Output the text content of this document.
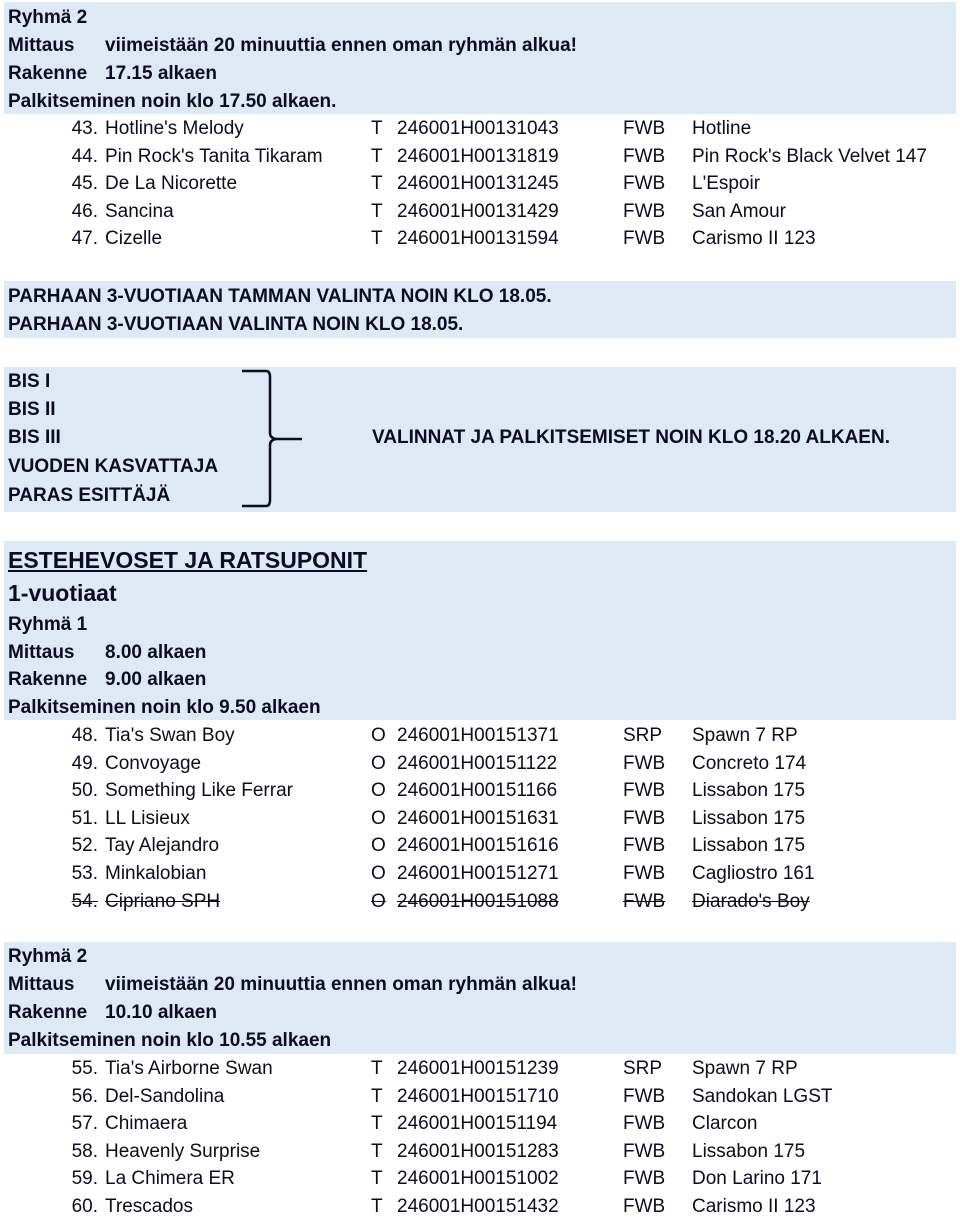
Ryhmä 2
Mittaus viimeistään 20 minuuttia ennen oman ryhmän alkua!
Rakenne 17.15 alkaen
Palkitseminen noin klo 17.50 alkaen.
43. Hotline's Melody	T 246001H00131043	FWB Hotline
44. Pin Rock's Tanita Tikaram	T 246001H00131819	FWB Pin Rock's Black Velvet 147
45. De La Nicorette	T 246001H00131245	FWB L'Espoir
46. Sancina	T 246001H00131429	FWB San Amour
47. Cizelle	T 246001H00131594	FWB Carismo II 123
PARHAAN 3-VUOTIAAN TAMMAN VALINTA NOIN KLO 18.05.
PARHAAN 3-VUOTIAAN VALINTA NOIN KLO 18.05.
BIS I
BIS II
BIS III
VUODEN KASVATTAJA
PARAS ESITTÄJÄ
VALINNAT JA PALKITSEMISET NOIN KLO 18.20 ALKAEN.
ESTEHEVOSET JA RATSUPONIT
1-vuotiaat
Ryhmä 1
Mittaus 8.00 alkaen
Rakenne 9.00 alkaen
Palkitseminen noin klo 9.50 alkaen
48. Tia's Swan Boy	O 246001H00151371	SRP Spawn 7 RP
49. Convoyage	O 246001H00151122	FWB Concreto 174
50. Something Like Ferrar	O 246001H00151166	FWB Lissabon 175
51. LL Lisieux	O 246001H00151631	FWB Lissabon 175
52. Tay Alejandro	O 246001H00151616	FWB Lissabon 175
53. Minkalobian	O 246001H00151271	FWB Cagliostro 161
54. Cipriano SPH	O 246001H00151088	FWB Diarado's Boy
Ryhmä 2
Mittaus viimeistään 20 minuuttia ennen oman ryhmän alkua!
Rakenne 10.10 alkaen
Palkitseminen noin klo 10.55 alkaen
55. Tia's Airborne Swan	T 246001H00151239	SRP Spawn 7 RP
56. Del-Sandolina	T 246001H00151710	FWB Sandokan LGST
57. Chimaera	T 246001H00151194	FWB Clarcon
58. Heavenly Surprise	T 246001H00151283	FWB Lissabon 175
59. La Chimera ER	T 246001H00151002	FWB Don Larino 171
60. Trescados	T 246001H00151432	FWB Carismo II 123
